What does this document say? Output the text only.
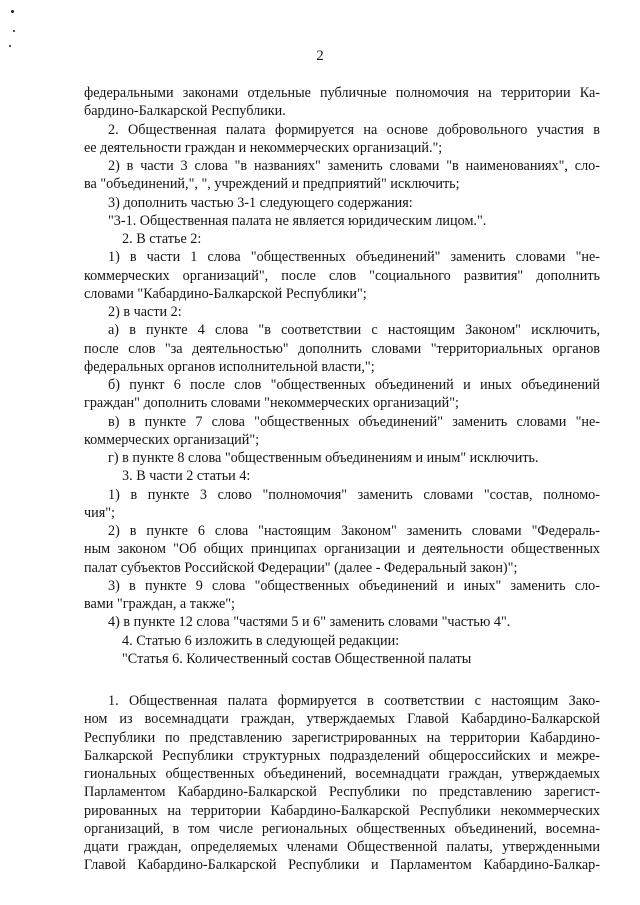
2
федеральными законами отдельные публичные полномочия на территории Ка-
бардино-Балкарской Республики.
2. Общественная палата формируется на основе добровольного участия в
ее деятельности граждан и некоммерческих организаций.";
2) в части 3 слова "в названиях" заменить словами "в наименованиях", сло-
ва "объединений,", ", учреждений и предприятий" исключить;
3) дополнить частью 3-1 следующего содержания:
"3-1. Общественная палата не является юридическим лицом.".
2. В статье 2:
1) в части 1 слова "общественных объединений" заменить словами "не-
коммерческих организаций", после слов "социального развития" дополнить
словами "Кабардино-Балкарской Республики";
2) в части 2:
а) в пункте 4 слова "в соответствии с настоящим Законом" исключить,
после слов "за деятельностью" дополнить словами "территориальных органов
федеральных органов исполнительной власти,";
б) пункт 6 после слов "общественных объединений и иных объединений
граждан" дополнить словами "некоммерческих организаций";
в) в пункте 7 слова "общественных объединений" заменить словами "не-
коммерческих организаций";
г) в пункте 8 слова "общественным объединениям и иным" исключить.
3. В части 2 статьи 4:
1) в пункте 3 слово "полномочия" заменить словами "состав, полномо-
чия";
2) в пункте 6 слова "настоящим Законом" заменить словами "Федераль-
ным законом "Об общих принципах организации и деятельности общественных
палат субъектов Российской Федерации" (далее - Федеральный закон)";
3) в пункте 9 слова "общественных объединений и иных" заменить сло-
вами "граждан, а также";
4) в пункте 12 слова "частями 5 и 6" заменить словами "частью 4".
4. Статью 6 изложить в следующей редакции:
"Статья 6. Количественный состав Общественной палаты
1. Общественная палата формируется в соответствии с настоящим Зако-
ном из восемнадцати граждан, утверждаемых Главой Кабардино-Балкарской
Республики по представлению зарегистрированных на территории Кабардино-
Балкарской Республики структурных подразделений общероссийских и межре-
гиональных общественных объединений, восемнадцати граждан, утверждаемых
Парламентом Кабардино-Балкарской Республики по представлению зарегист-
рированных на территории Кабардино-Балкарской Республики некоммерческих
организаций, в том числе региональных общественных объединений, восемна-
дцати граждан, определяемых членами Общественной палаты, утвержденными
Главой Кабардино-Балкарской Республики и Парламентом Кабардино-Балкар-
